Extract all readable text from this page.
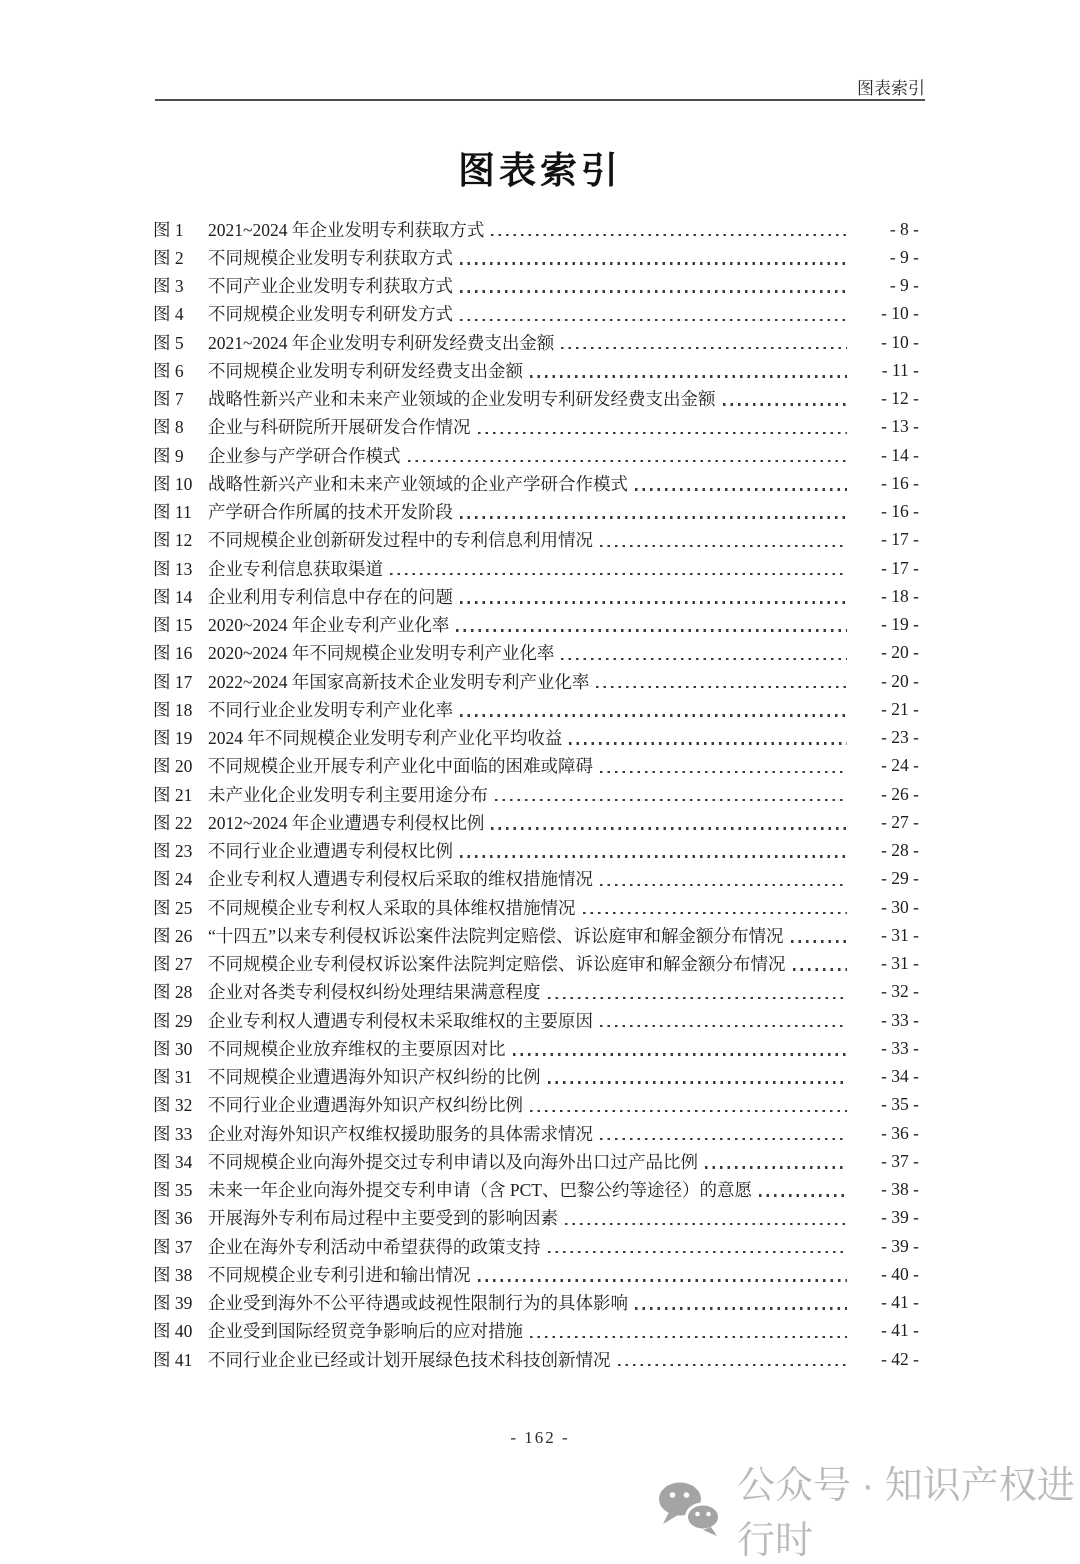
图表索引
图表索引
图 1	2021~2024 年企业发明专利获取方式	- 8 -
图 2	不同规模企业发明专利获取方式	- 9 -
图 3	不同产业企业发明专利获取方式	- 9 -
图 4	不同规模企业发明专利研发方式	- 10 -
图 5	2021~2024 年企业发明专利研发经费支出金额	- 10 -
图 6	不同规模企业发明专利研发经费支出金额	- 11 -
图 7	战略性新兴产业和未来产业领域的企业发明专利研发经费支出金额	- 12 -
图 8	企业与科研院所开展研发合作情况	- 13 -
图 9	企业参与产学研合作模式	- 14 -
图 10 战略性新兴产业和未来产业领域的企业产学研合作模式	- 16 -
图 11 产学研合作所属的技术开发阶段	- 16 -
图 12 不同规模企业创新研发过程中的专利信息利用情况	- 17 -
图 13 企业专利信息获取渠道	- 17 -
图 14 企业利用专利信息中存在的问题	- 18 -
图 15 2020~2024 年企业专利产业化率	- 19 -
图 16 2020~2024 年不同规模企业发明专利产业化率	- 20 -
图 17 2022~2024 年国家高新技术企业发明专利产业化率	- 20 -
图 18 不同行业企业发明专利产业化率	- 21 -
图 19 2024 年不同规模企业发明专利产业化平均收益	- 23 -
图 20 不同规模企业开展专利产业化中面临的困难或障碍	- 24 -
图 21 未产业化企业发明专利主要用途分布	- 26 -
图 22 2012~2024 年企业遭遇专利侵权比例	- 27 -
图 23 不同行业企业遭遇专利侵权比例	- 28 -
图 24 企业专利权人遭遇专利侵权后采取的维权措施情况	- 29 -
图 25 不同规模企业专利权人采取的具体维权措施情况	- 30 -
图 26 “十四五”以来专利侵权诉讼案件法院判定赔偿、诉讼庭审和解金额分布情况	- 31 -
图 27 不同规模企业专利侵权诉讼案件法院判定赔偿、诉讼庭审和解金额分布情况	- 31 -
图 28 企业对各类专利侵权纠纷处理结果满意程度	- 32 -
图 29 企业专利权人遭遇专利侵权未采取维权的主要原因	- 33 -
图 30 不同规模企业放弃维权的主要原因对比	- 33 -
图 31 不同规模企业遭遇海外知识产权纠纷的比例	- 34 -
图 32 不同行业企业遭遇海外知识产权纠纷比例	- 35 -
图 33 企业对海外知识产权维权援助服务的具体需求情况	- 36 -
图 34 不同规模企业向海外提交过专利申请以及向海外出口过产品比例	- 37 -
图 35 未来一年企业向海外提交专利申请（含 PCT、巴黎公约等途径）的意愿	- 38 -
图 36 开展海外专利布局过程中主要受到的影响因素	- 39 -
图 37 企业在海外专利活动中希望获得的政策支持	- 39 -
图 38 不同规模企业专利引进和输出情况	- 40 -
图 39 企业受到海外不公平待遇或歧视性限制行为的具体影响	- 41 -
图 40 企业受到国际经贸竞争影响后的应对措施	- 41 -
图 41 不同行业企业已经或计划开展绿色技术科技创新情况	- 42 -
- 162 -
公众号 · 知识产权进行时
